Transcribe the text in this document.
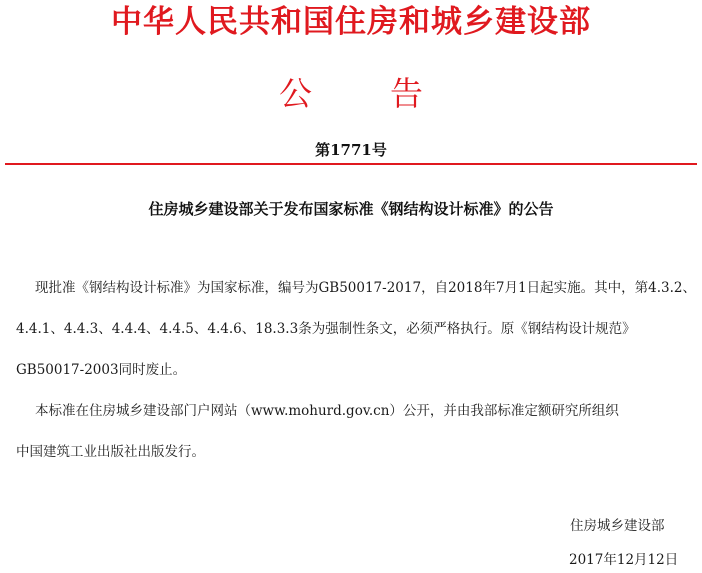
中华人民共和国住房和城乡建设部
公告
第1771号
住房城乡建设部关于发布国家标准《钢结构设计标准》的公告
现批准《钢结构设计标准》为国家标准，编号为GB50017-2017，自2018年7月1日起实施。其中，第4.3.2、
4.4.1、4.4.3、4.4.4、4.4.5、4.4.6、18.3.3条为强制性条文，必须严格执行。原《钢结构设计规范》
GB50017-2003同时废止。
本标准在住房城乡建设部门户网站（www.mohurd.gov.cn）公开，并由我部标准定额研究所组织
中国建筑工业出版社出版发行。
住房城乡建设部
2017年12月12日
